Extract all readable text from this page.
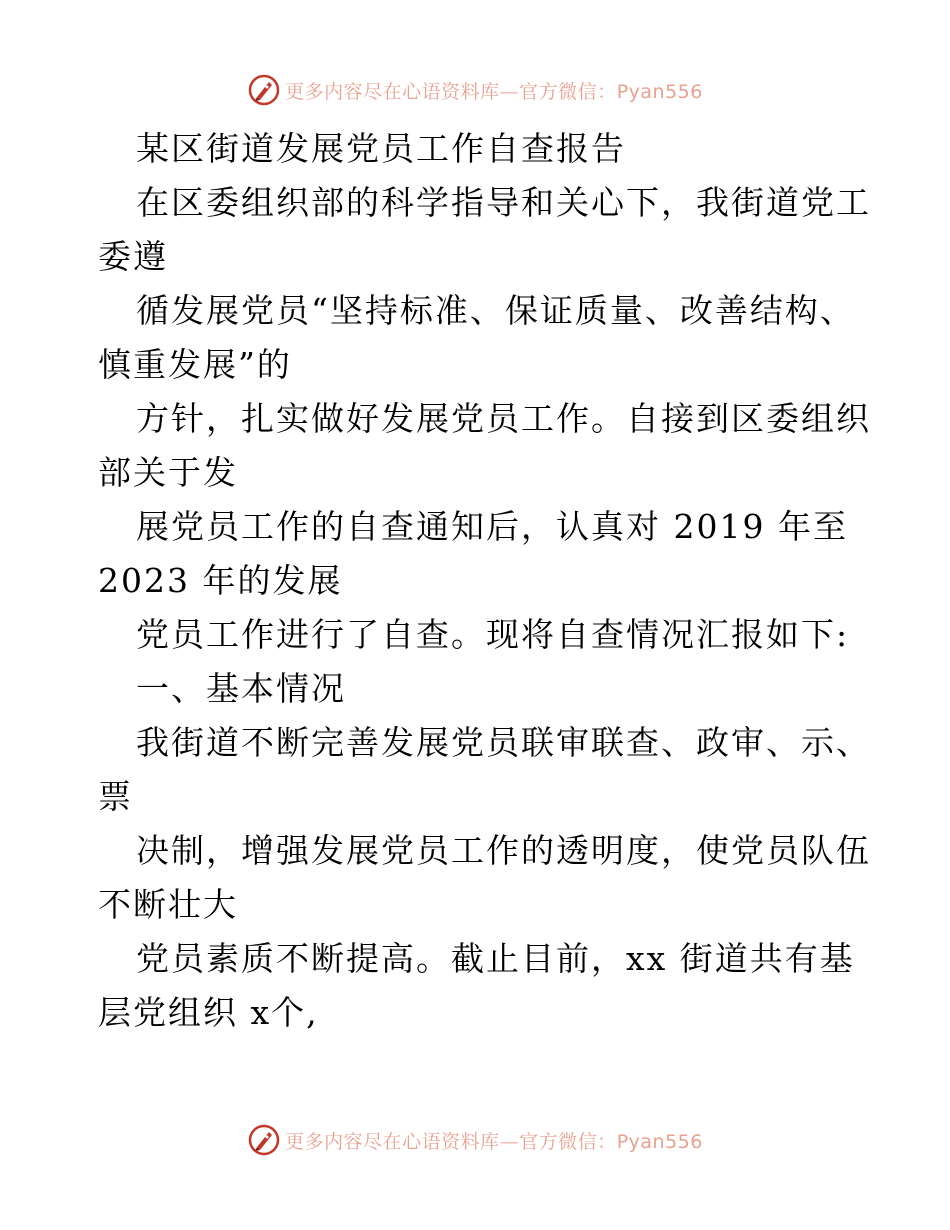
更多内容尽在心语资料库—官方微信：Pyan556
某区街道发展党员工作自查报告
在区委组织部的科学指导和关心下，我街道党工
委遵
循发展党员“坚持标准、保证质量、改善结构、
慎重发展”的
方针，扎实做好发展党员工作。自接到区委组织
部关于发
展党员工作的自查通知后，认真对 2019 年至
2023 年的发展
党员工作进行了自查。现将自查情况汇报如下:
一、基本情况
我街道不断完善发展党员联审联查、政审、示、
票
决制，增强发展党员工作的透明度，使党员队伍
不断壮大
党员素质不断提高。截止目前，xx 街道共有基
层党组织 x个,
更多内容尽在心语资料库—官方微信：Pyan556
